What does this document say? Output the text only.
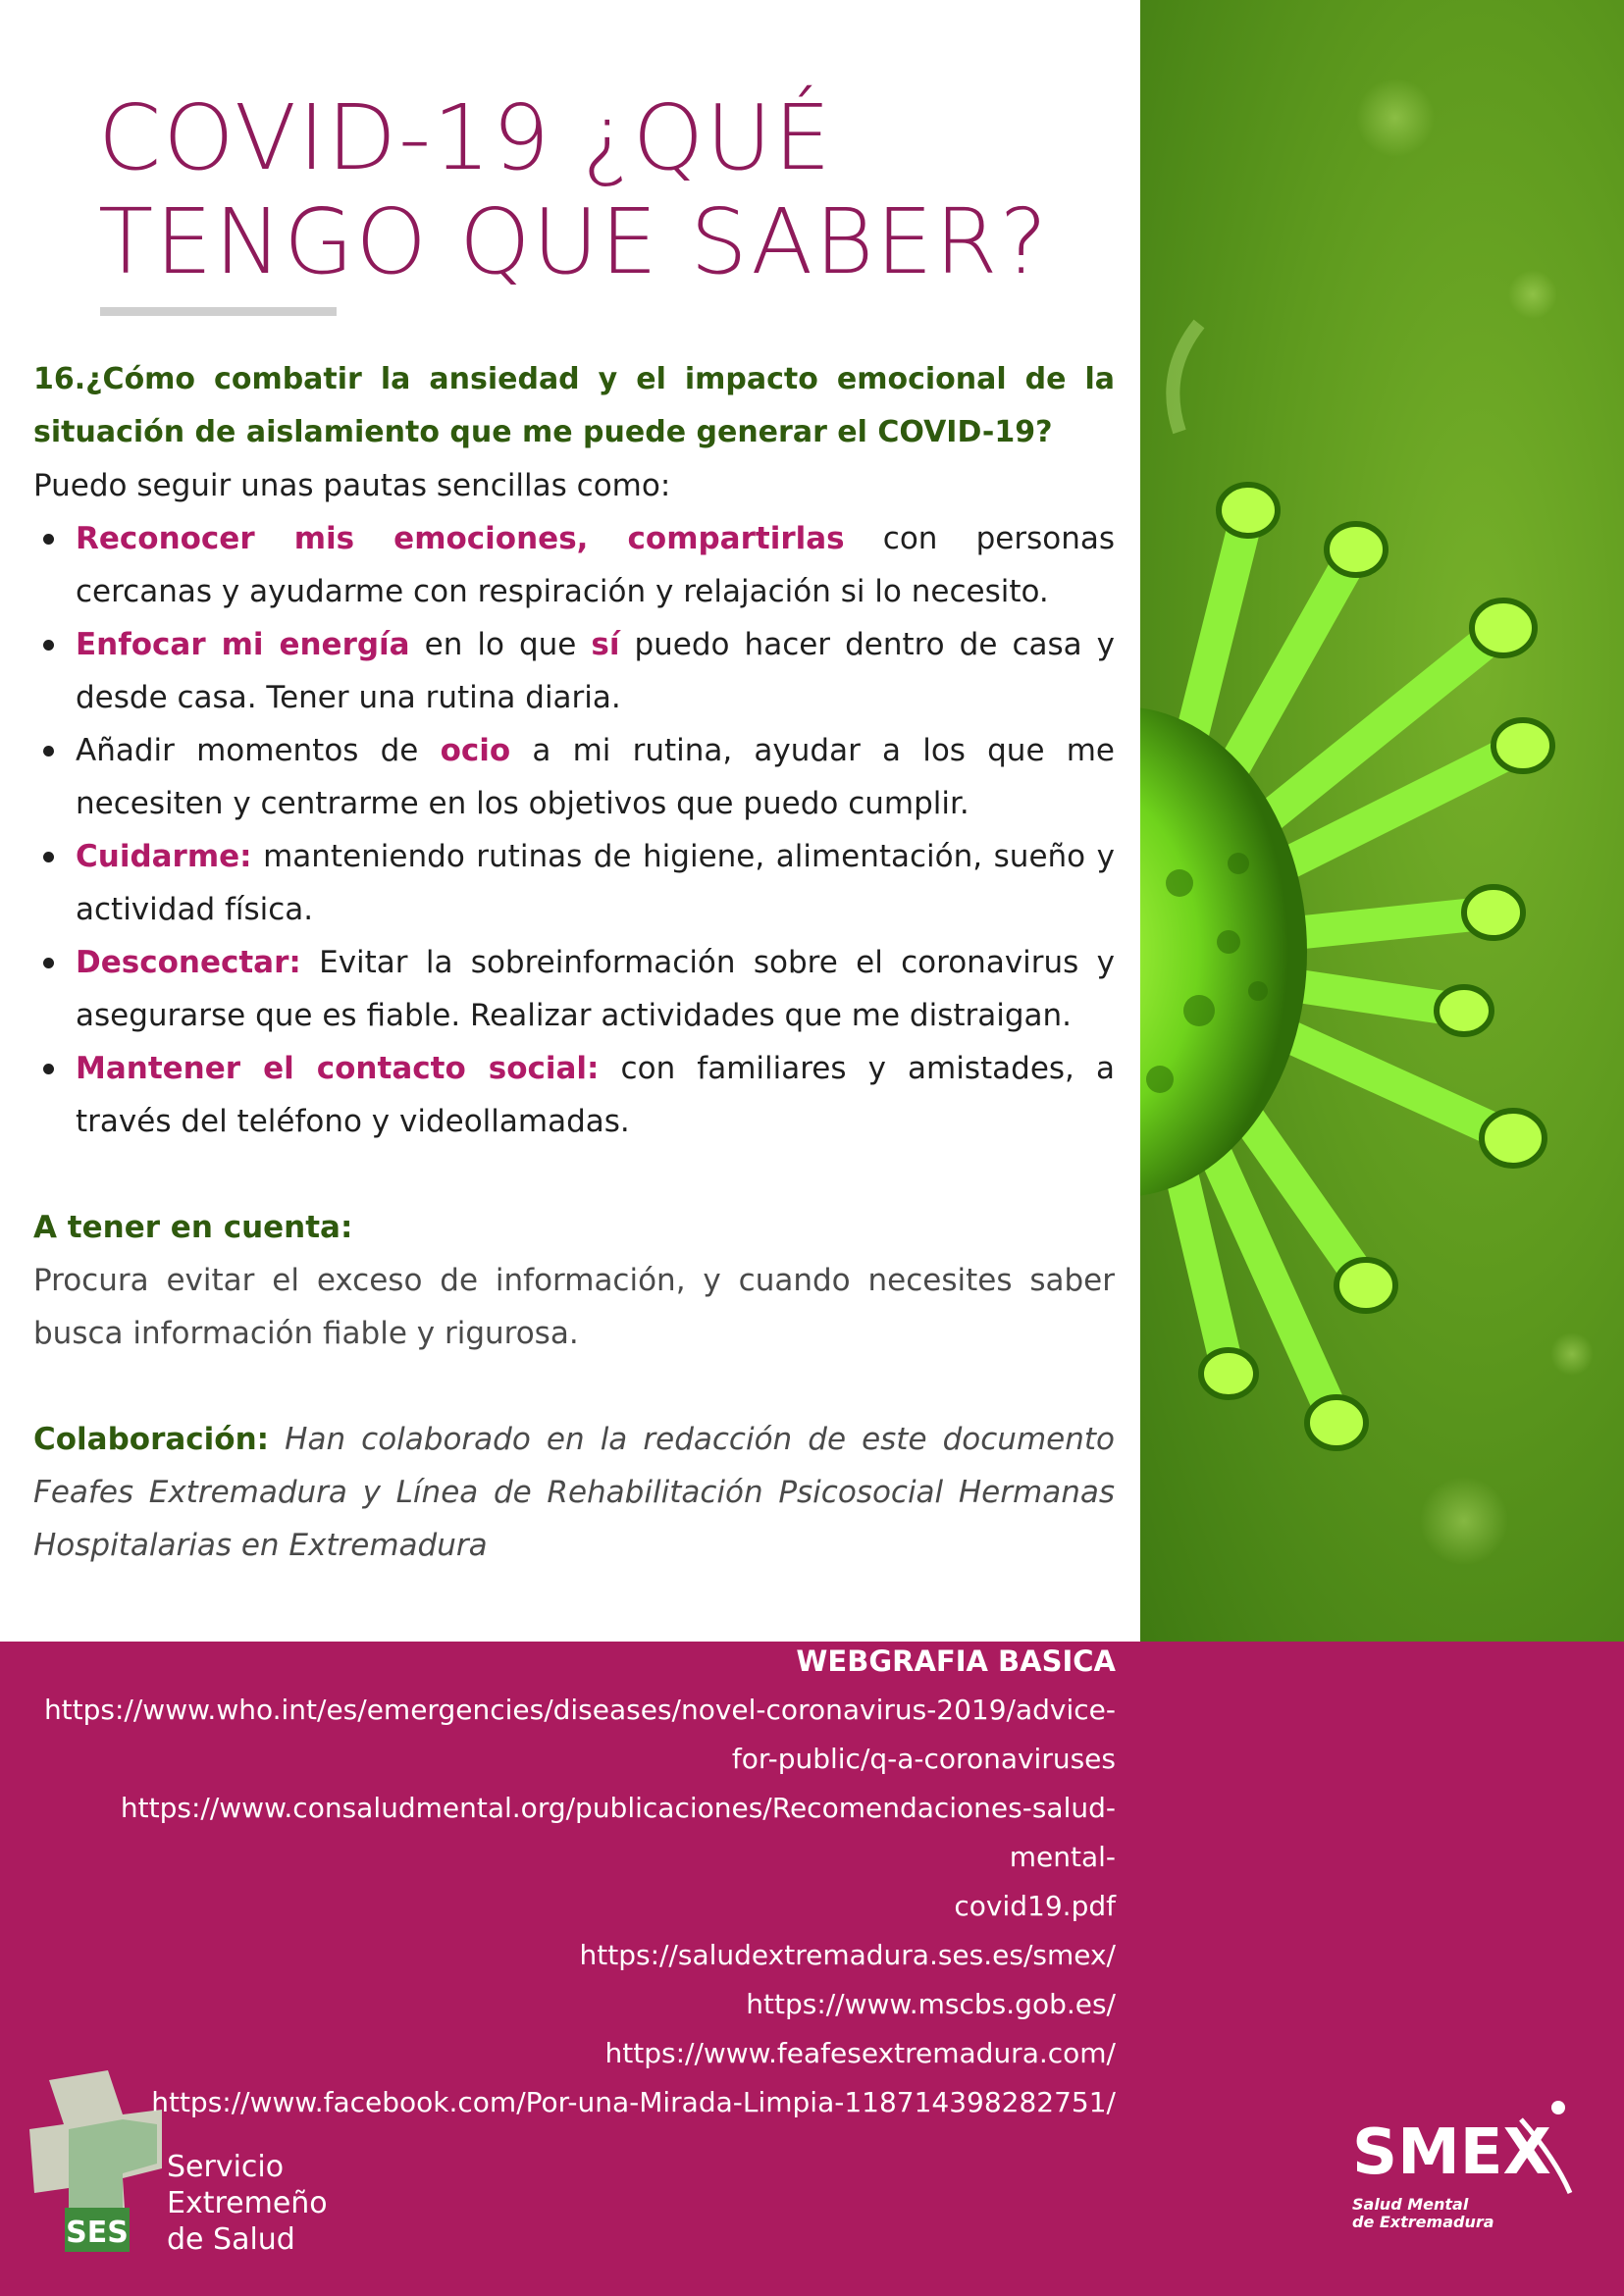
COVID-19 ¿QUÉ
TENGO QUE SABER?
16.¿Cómo combatir la ansiedad y el impacto emocional de la situación de aislamiento que me puede generar el COVID-19?
Puedo seguir unas pautas sencillas como:
Reconocer mis emociones, compartirlas con personas cercanas y ayudarme con respiración y relajación si lo necesito.
Enfocar mi energía en lo que sí puedo hacer dentro de casa y desde casa. Tener una rutina diaria.
Añadir momentos de ocio a mi rutina, ayudar a los que me necesiten y centrarme en los objetivos que puedo cumplir.
Cuidarme: manteniendo rutinas de higiene, alimentación, sueño y actividad física.
Desconectar: Evitar la sobreinformación sobre el coronavirus y asegurarse que es fiable. Realizar actividades que me distraigan.
Mantener el contacto social: con familiares y amistades, a través del teléfono y videollamadas.
A tener en cuenta:
Procura evitar el exceso de información, y cuando necesites saber busca información fiable y rigurosa.
Colaboración: Han colaborado en la redacción de este documento Feafes Extremadura y Línea de Rehabilitación Psicosocial Hermanas Hospitalarias en Extremadura
WEBGRAFIA BASICA
https://www.who.int/es/emergencies/diseases/novel-coronavirus-2019/advice-
for-public/q-a-coronaviruses
https://www.consaludmental.org/publicaciones/Recomendaciones-salud-mental-
covid19.pdf
https://saludextremadura.ses.es/smex/
https://www.mscbs.gob.es/
https://www.feafesextremadura.com/
https://www.facebook.com/Por-una-Mirada-Limpia-118714398282751/
SES
Servicio
Extremeño
de Salud
SMEX
Salud Mental
de Extremadura
